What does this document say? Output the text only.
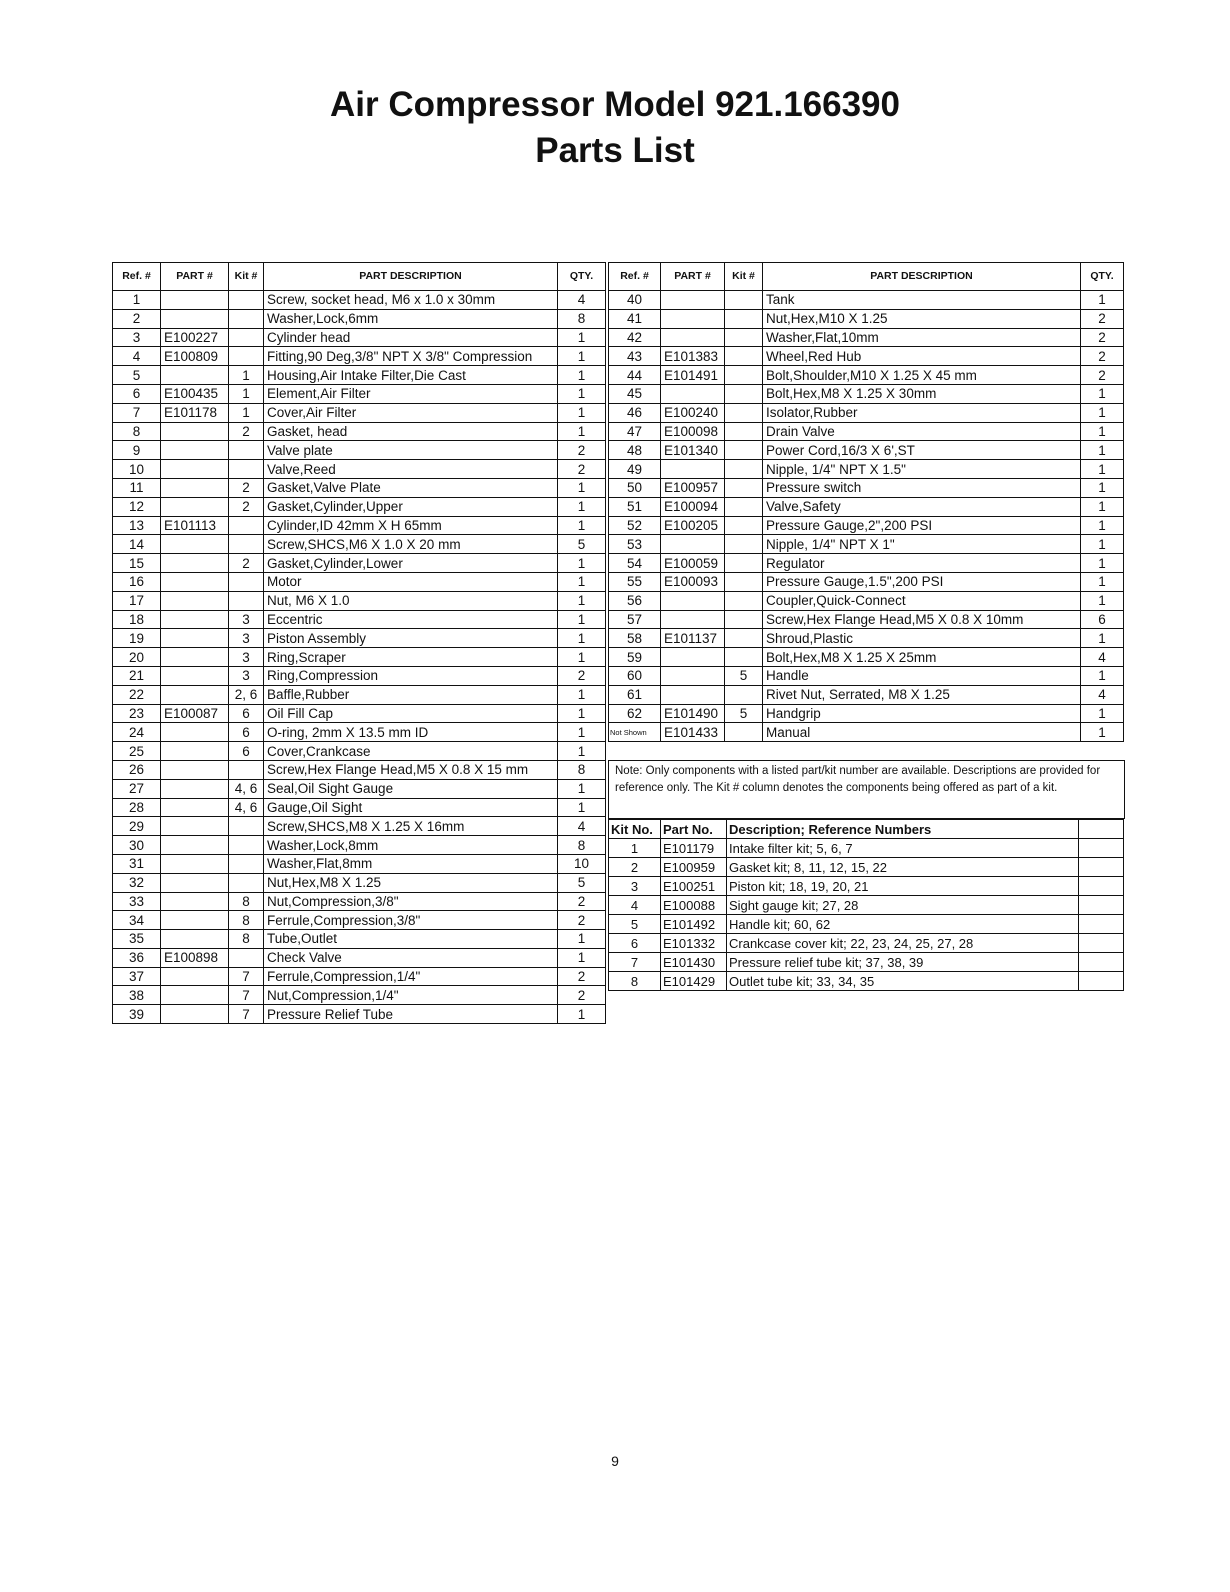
Air Compressor Model 921.166390
Parts List
Ref. #	PART #	Kit #	PART DESCRIPTION	QTY.
1			Screw, socket head, M6 x 1.0 x 30mm	4
2			Washer,Lock,6mm	8
3	E100227		Cylinder head	1
4	E100809		Fitting,90 Deg,3/8" NPT X 3/8" Compression	1
5		1	Housing,Air Intake Filter,Die Cast	1
6	E100435	1	Element,Air Filter	1
7	E101178	1	Cover,Air Filter	1
8		2	Gasket, head	1
9			Valve plate	2
10			Valve,Reed	2
11		2	Gasket,Valve Plate	1
12		2	Gasket,Cylinder,Upper	1
13	E101113		Cylinder,ID 42mm X H 65mm	1
14			Screw,SHCS,M6 X 1.0 X 20 mm	5
15		2	Gasket,Cylinder,Lower	1
16			Motor	1
17			Nut, M6 X 1.0	1
18		3	Eccentric	1
19		3	Piston Assembly	1
20		3	Ring,Scraper	1
21		3	Ring,Compression	2
22		2, 6	Baffle,Rubber	1
23	E100087	6	Oil Fill Cap	1
24		6	O-ring, 2mm X 13.5 mm ID	1
25		6	Cover,Crankcase	1
26			Screw,Hex Flange Head,M5 X 0.8 X 15 mm	8
27		4, 6	Seal,Oil Sight Gauge	1
28		4, 6	Gauge,Oil Sight	1
29			Screw,SHCS,M8 X 1.25 X 16mm	4
30			Washer,Lock,8mm	8
31			Washer,Flat,8mm	10
32			Nut,Hex,M8 X 1.25	5
33		8	Nut,Compression,3/8"	2
34		8	Ferrule,Compression,3/8"	2
35		8	Tube,Outlet	1
36	E100898		Check Valve	1
37		7	Ferrule,Compression,1/4"	2
38		7	Nut,Compression,1/4"	2
39		7	Pressure Relief Tube	1
Ref. #	PART #	Kit #	PART DESCRIPTION	QTY.
40			Tank	1
41			Nut,Hex,M10 X 1.25	2
42			Washer,Flat,10mm	2
43	E101383		Wheel,Red Hub	2
44	E101491		Bolt,Shoulder,M10 X 1.25 X 45 mm	2
45			Bolt,Hex,M8 X 1.25 X 30mm	1
46	E100240		Isolator,Rubber	1
47	E100098		Drain Valve	1
48	E101340		Power Cord,16/3 X 6',ST	1
49			Nipple, 1/4" NPT X 1.5"	1
50	E100957		Pressure switch	1
51	E100094		Valve,Safety	1
52	E100205		Pressure Gauge,2",200 PSI	1
53			Nipple, 1/4" NPT X 1"	1
54	E100059		Regulator	1
55	E100093		Pressure Gauge,1.5",200 PSI	1
56			Coupler,Quick-Connect	1
57			Screw,Hex Flange Head,M5 X 0.8 X 10mm	6
58	E101137		Shroud,Plastic	1
59			Bolt,Hex,M8 X 1.25 X 25mm	4
60		5	Handle	1
61			Rivet Nut, Serrated, M8 X 1.25	4
62	E101490	5	Handgrip	1
Not Shown	E101433		Manual	1
Note: Only components with a listed part/kit number are available. Descriptions are provided for reference only. The Kit # column denotes the components being offered as part of a kit.
Kit No.	Part No.	Description; Reference Numbers	
1	E101179	Intake filter kit; 5, 6, 7	
2	E100959	Gasket kit; 8, 11, 12, 15, 22	
3	E100251	Piston kit; 18, 19, 20, 21	
4	E100088	Sight gauge kit; 27, 28	
5	E101492	Handle kit; 60, 62	
6	E101332	Crankcase cover kit; 22, 23, 24, 25, 27, 28	
7	E101430	Pressure relief tube kit; 37, 38, 39	
8	E101429	Outlet tube kit; 33, 34, 35	
9
